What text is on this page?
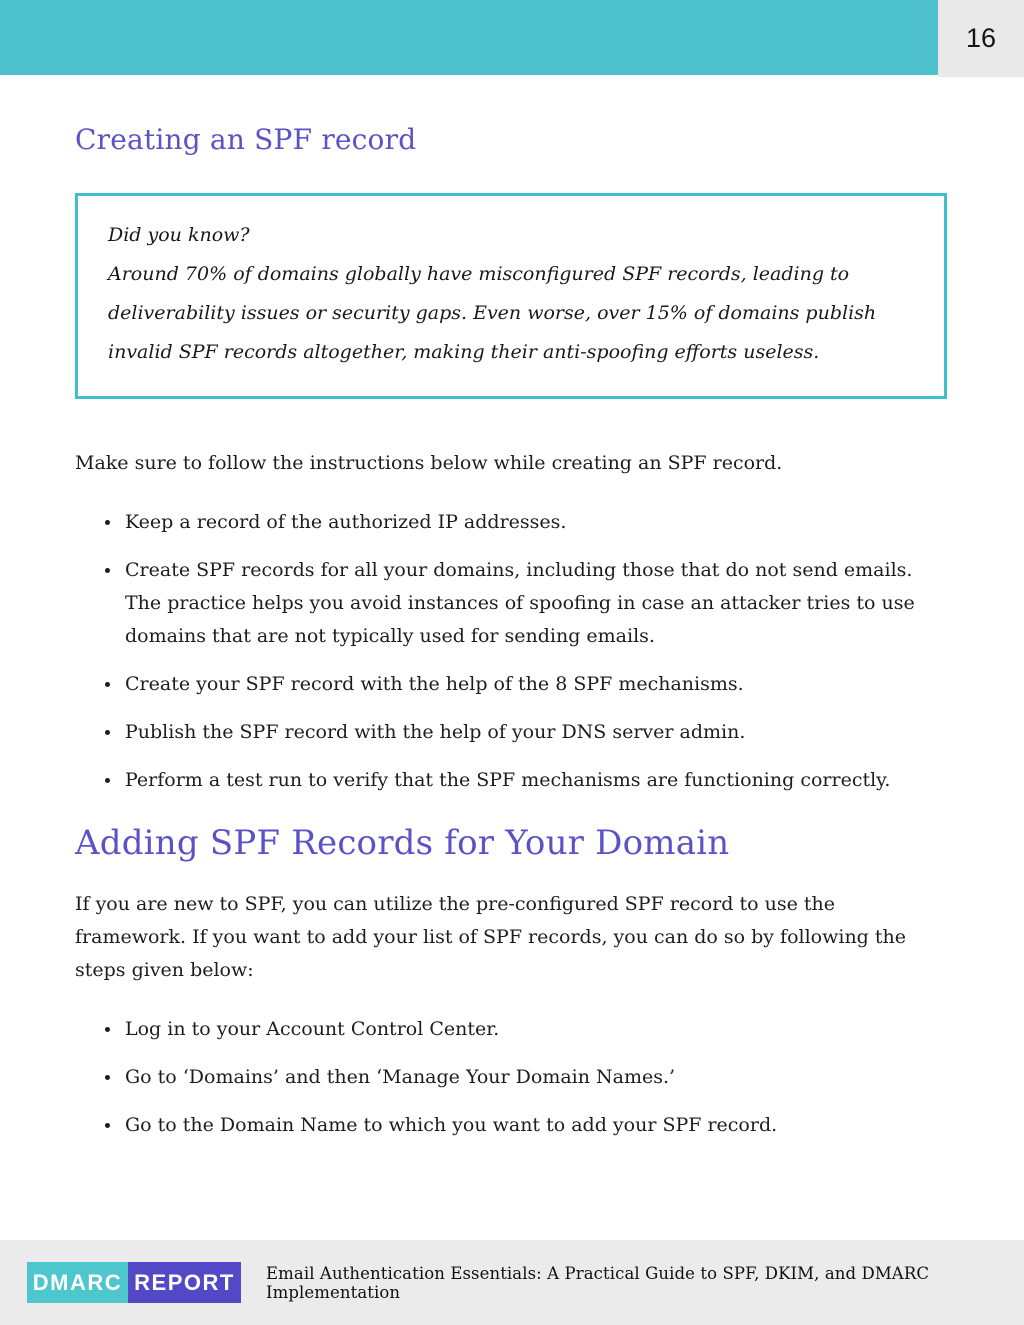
16
Creating an SPF record

Did you know?

Around 70% of domains globally have misconfigured SPF records, leading to deliverability issues or security gaps. Even worse, over 15% of domains publish invalid SPF records altogether, making their anti-spoofing efforts useless.

Make sure to follow the instructions below while creating an SPF record.

Keep a record of the authorized IP addresses.
Create SPF records for all your domains, including those that do not send emails. The practice helps you avoid instances of spoofing in case an attacker tries to use domains that are not typically used for sending emails.
Create your SPF record with the help of the 8 SPF mechanisms.
Publish the SPF record with the help of your DNS server admin.
Perform a test run to verify that the SPF mechanisms are functioning correctly.
Adding SPF Records for Your Domain

If you are new to SPF, you can utilize the pre-configured SPF record to use the framework. If you want to add your list of SPF records, you can do so by following the steps given below:

Log in to your Account Control Center.
Go to ‘Domains’ and then ‘Manage Your Domain Names.’
Go to the Domain Name to which you want to add your SPF record.
DMARC REPORT	Email Authentication Essentials: A Practical Guide to SPF, DKIM, and DMARC Implementation
